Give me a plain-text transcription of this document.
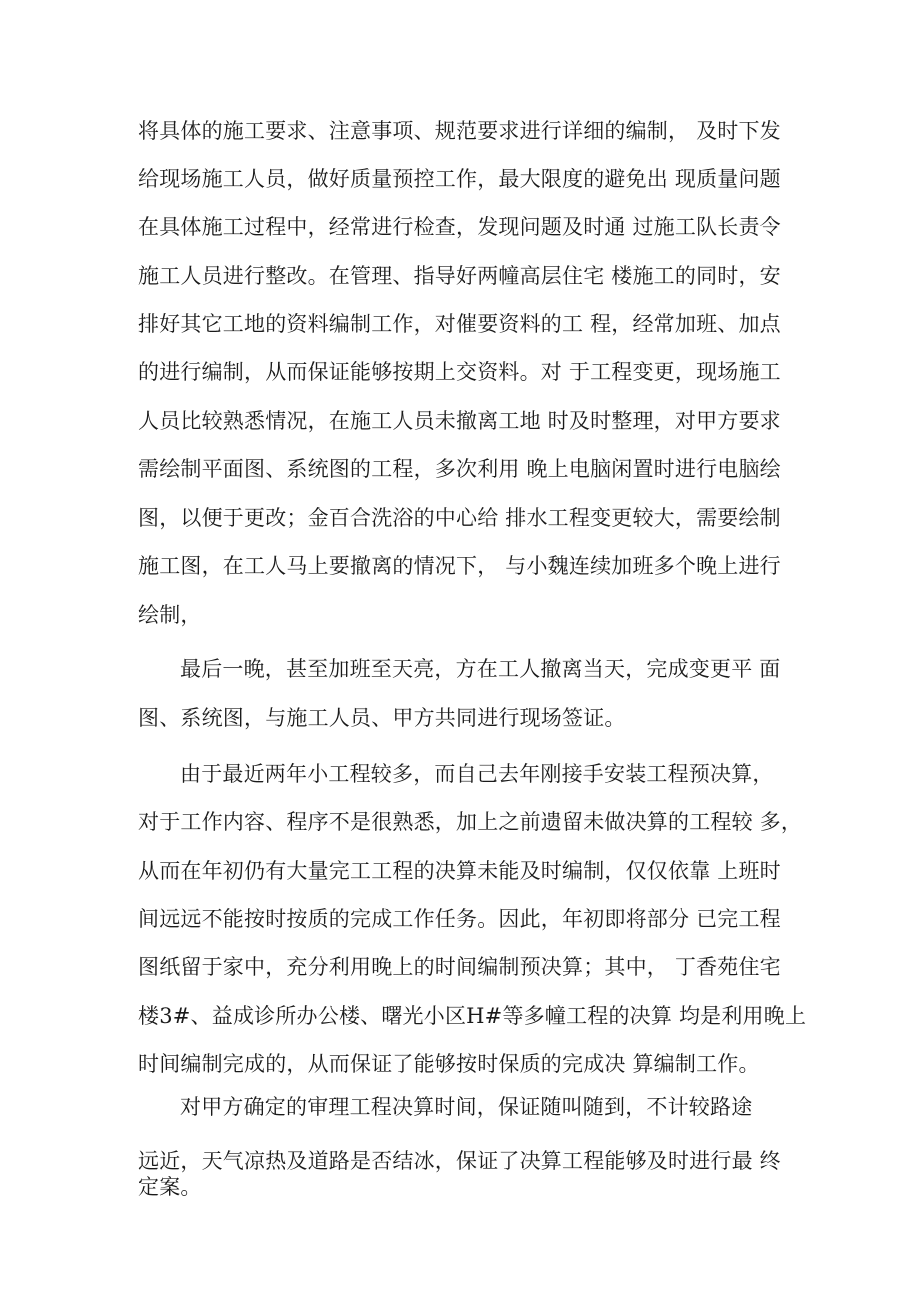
将具体的施工要求、注意事项、规范要求进行详细的编制， 及时下发
给现场施工人员，做好质量预控工作，最大限度的避免出 现质量问题
在具体施工过程中，经常进行检查，发现问题及时通 过施工队长责令
施工人员进行整改。在管理、指导好两幢高层住宅 楼施工的同时，安
排好其它工地的资料编制工作，对催要资料的工 程，经常加班、加点
的进行编制，从而保证能够按期上交资料。对 于工程变更，现场施工
人员比较熟悉情况，在施工人员未撤离工地 时及时整理，对甲方要求
需绘制平面图、系统图的工程，多次利用 晚上电脑闲置时进行电脑绘
图，以便于更改；金百合洗浴的中心给 排水工程变更较大，需要绘制
施工图，在工人马上要撤离的情况下， 与小魏连续加班多个晚上进行
绘制，
最后一晚，甚至加班至天亮，方在工人撤离当天，完成变更平 面
图、系统图，与施工人员、甲方共同进行现场签证。
由于最近两年小工程较多，而自己去年刚接手安装工程预决算，
对于工作内容、程序不是很熟悉，加上之前遗留未做决算的工程较 多，
从而在年初仍有大量完工工程的决算未能及时编制，仅仅依靠 上班时
间远远不能按时按质的完成工作任务。因此，年初即将部分 已完工程
图纸留于家中，充分利用晚上的时间编制预决算；其中， 丁香苑住宅
楼3#、益成诊所办公楼、曙光小区H#等多幢工程的决算 均是利用晚上
时间编制完成的，从而保证了能够按时保质的完成决 算编制工作。
对甲方确定的审理工程决算时间，保证随叫随到，不计较路途
远近，天气凉热及道路是否结冰，保证了决算工程能够及时进行最 终
定案。
